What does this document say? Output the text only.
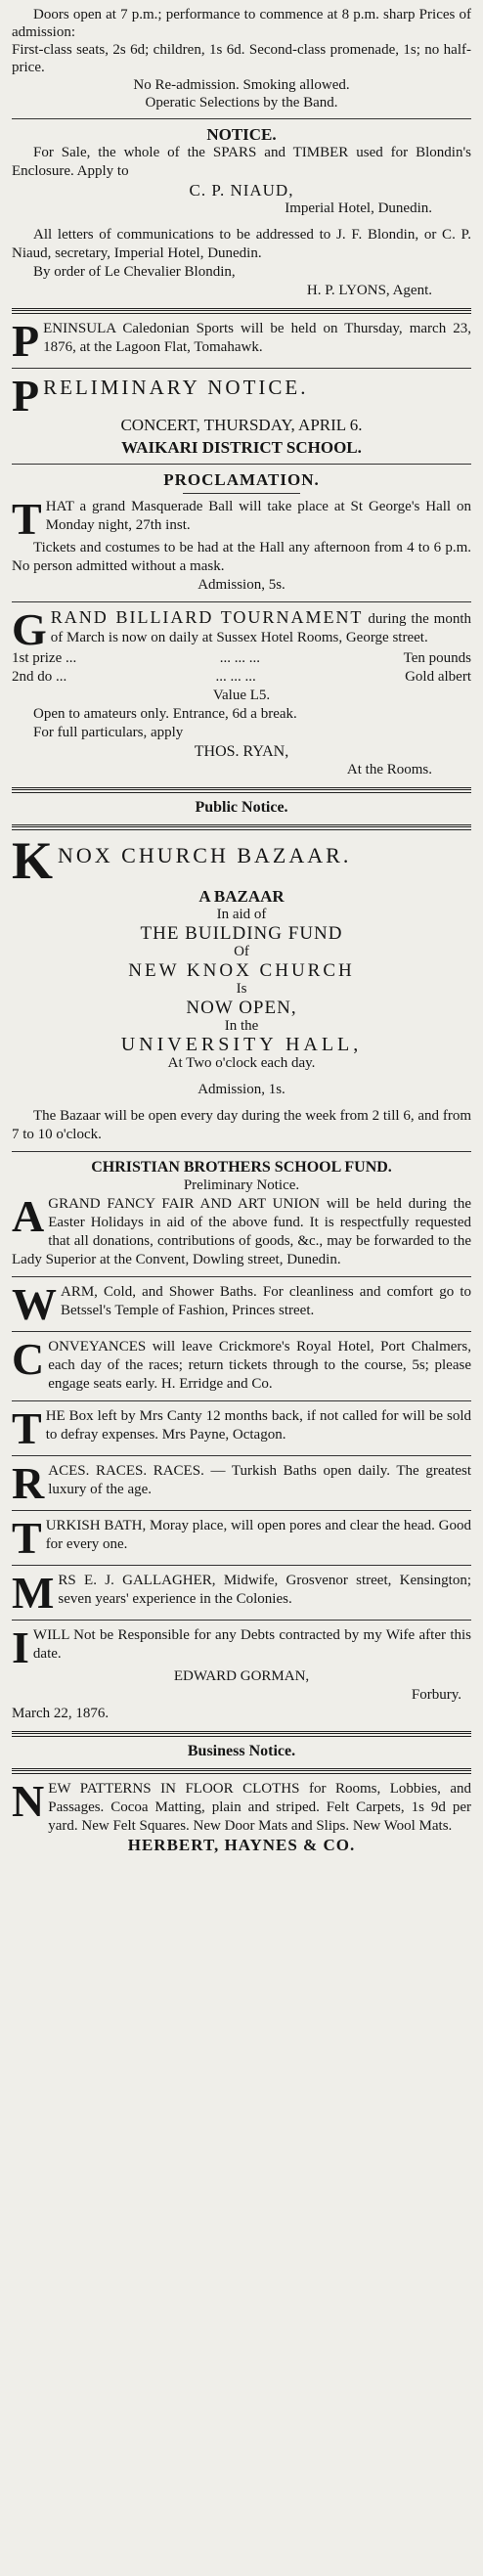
Doors open at 7 p.m.; performance to commence at 8 p.m. sharp Prices of admission:

First-class seats, 2s 6d; children, 1s 6d. Second-class promenade, 1s; no half-price.

No Re-admission. Smoking allowed.

Operatic Selections by the Band.

NOTICE.

For Sale, the whole of the SPARS and TIMBER used for Blondin's Enclosure. Apply to

C. P. NIAUD,

Imperial Hotel, Dunedin.

All letters of communications to be addressed to J. F. Blondin, or C. P. Niaud, secretary, Imperial Hotel, Dunedin.

By order of Le Chevalier Blondin,

H. P. LYONS, Agent.

P ENINSULA Caledonian Sports will be held on Thursday, march 23, 1876, at the Lagoon Flat, Tomahawk.

P RELIMINARY NOTICE.

CONCERT, THURSDAY, APRIL 6.

WAIKARI DISTRICT SCHOOL.

PROCLAMATION.

T HAT a grand Masquerade Ball will take place at St George's Hall on Monday night, 27th inst.

Tickets and costumes to be had at the Hall any afternoon from 4 to 6 p.m. No person admitted without a mask.

Admission, 5s.

G RAND BILLIARD TOURNAMENT during the month of March is now on daily at Sussex Hotel Rooms, George street.

1st prize ...	... ... ...	Ten pounds

2nd do ...	... ... ...	Gold albert

Value L5.

Open to amateurs only. Entrance, 6d a break.

For full particulars, apply

THOS. RYAN,

At the Rooms.

Public Notice.

K NOX CHURCH BAZAAR.

A BAZAAR

In aid of

THE BUILDING FUND

Of

NEW KNOX CHURCH

Is

NOW OPEN,

In the

UNIVERSITY HALL,

At Two o'clock each day.

Admission, 1s.

The Bazaar will be open every day during the week from 2 till 6, and from 7 to 10 o'clock.

CHRISTIAN BROTHERS SCHOOL FUND.

Preliminary Notice.

A GRAND FANCY FAIR AND ART UNION will be held during the Easter Holidays in aid of the above fund. It is respectfully requested that all donations, contributions of goods, &c., may be forwarded to the Lady Superior at the Convent, Dowling street, Dunedin.
W ARM, Cold, and Shower Baths. For cleanliness and comfort go to Betssel's Temple of Fashion, Princes street.
C ONVEYANCES will leave Crickmore's Royal Hotel, Port Chalmers, each day of the races; return tickets through to the course, 5s; please engage seats early. H. Erridge and Co.
T HE Box left by Mrs Canty 12 months back, if not called for will be sold to defray expenses. Mrs Payne, Octagon.
R ACES. RACES. RACES. — Turkish Baths open daily. The greatest luxury of the age.
T URKISH BATH, Moray place, will open pores and clear the head. Good for every one.
M RS E. J. GALLAGHER, Midwife, Grosvenor street, Kensington; seven years' experience in the Colonies.
I WILL Not be Responsible for any Debts contracted by my Wife after this date.

EDWARD GORMAN,

Forbury.

March 22, 1876.

Business Notice.

N EW PATTERNS IN FLOOR CLOTHS for Rooms, Lobbies, and Passages. Cocoa Matting, plain and striped. Felt Carpets, 1s 9d per yard. New Felt Squares. New Door Mats and Slips. New Wool Mats.

HERBERT, HAYNES & CO.
